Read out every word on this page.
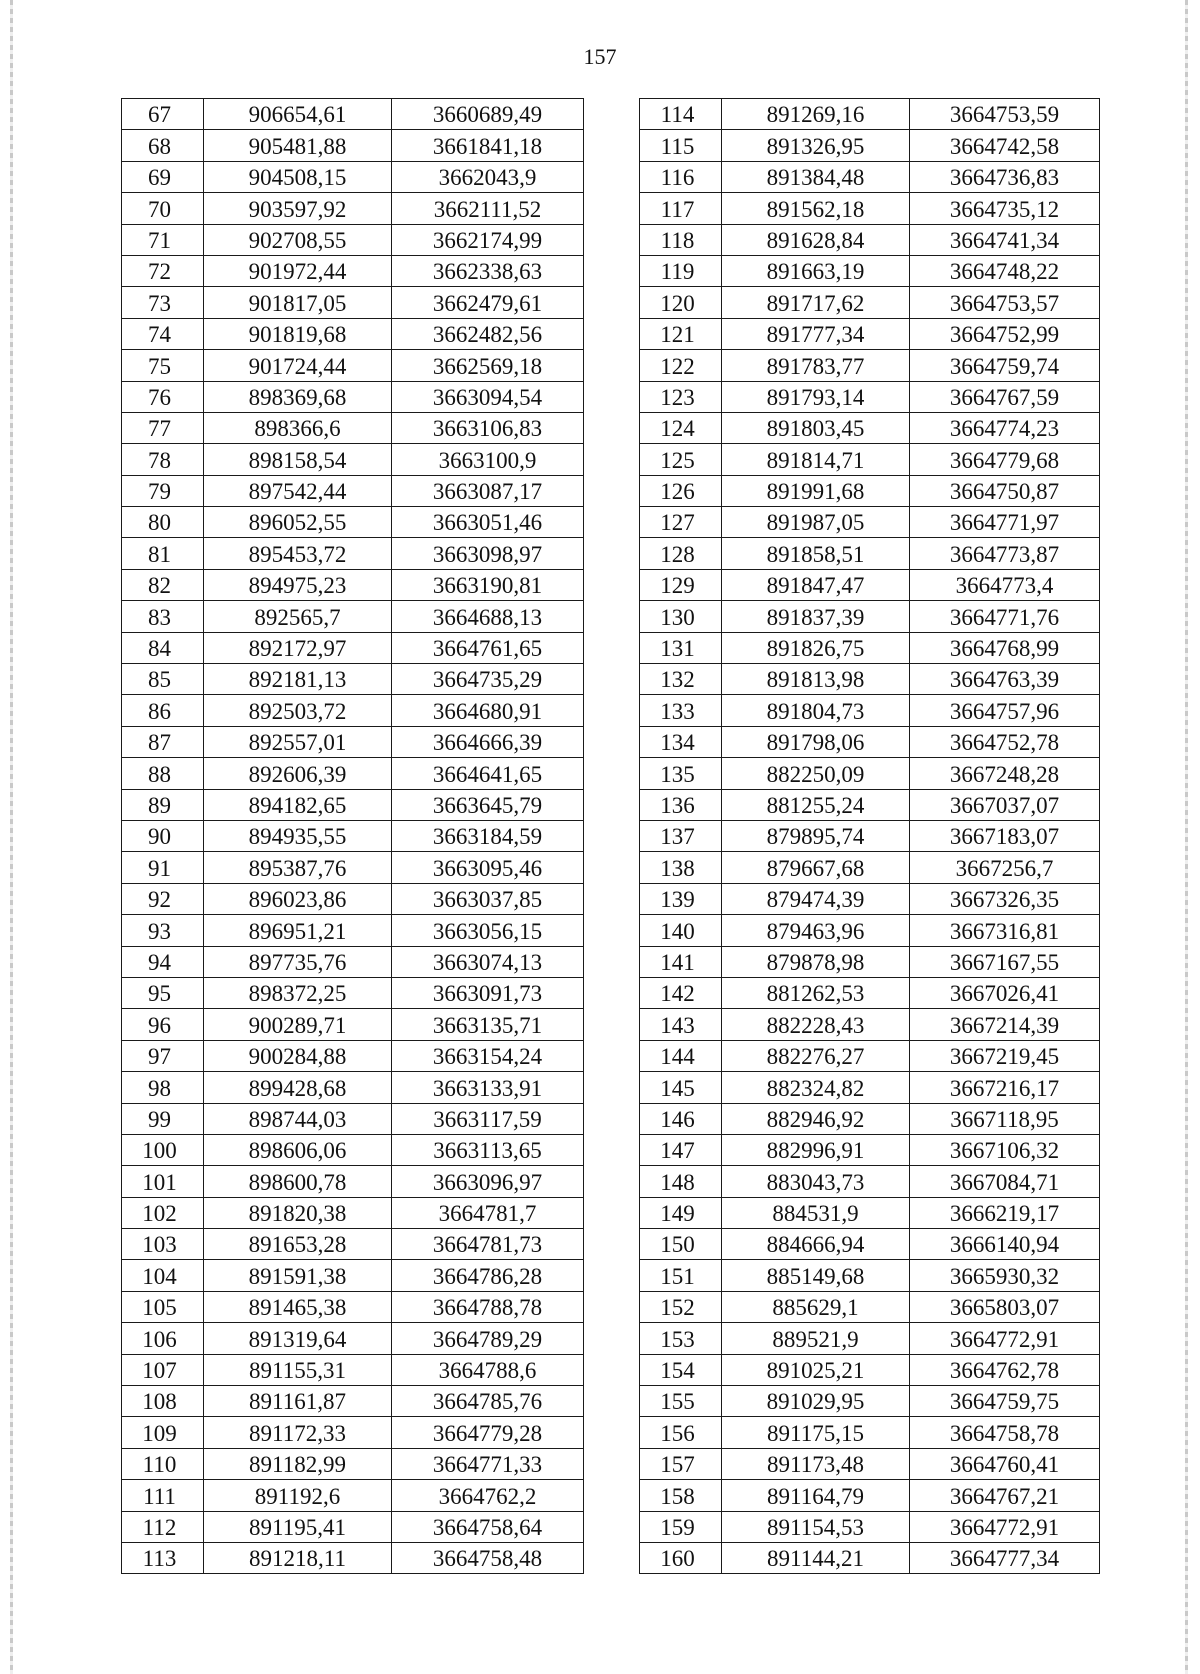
157
67	906654,61	3660689,49
68	905481,88	3661841,18
69	904508,15	3662043,9
70	903597,92	3662111,52
71	902708,55	3662174,99
72	901972,44	3662338,63
73	901817,05	3662479,61
74	901819,68	3662482,56
75	901724,44	3662569,18
76	898369,68	3663094,54
77	898366,6	3663106,83
78	898158,54	3663100,9
79	897542,44	3663087,17
80	896052,55	3663051,46
81	895453,72	3663098,97
82	894975,23	3663190,81
83	892565,7	3664688,13
84	892172,97	3664761,65
85	892181,13	3664735,29
86	892503,72	3664680,91
87	892557,01	3664666,39
88	892606,39	3664641,65
89	894182,65	3663645,79
90	894935,55	3663184,59
91	895387,76	3663095,46
92	896023,86	3663037,85
93	896951,21	3663056,15
94	897735,76	3663074,13
95	898372,25	3663091,73
96	900289,71	3663135,71
97	900284,88	3663154,24
98	899428,68	3663133,91
99	898744,03	3663117,59
100	898606,06	3663113,65
101	898600,78	3663096,97
102	891820,38	3664781,7
103	891653,28	3664781,73
104	891591,38	3664786,28
105	891465,38	3664788,78
106	891319,64	3664789,29
107	891155,31	3664788,6
108	891161,87	3664785,76
109	891172,33	3664779,28
110	891182,99	3664771,33
111	891192,6	3664762,2
112	891195,41	3664758,64
113	891218,11	3664758,48
114	891269,16	3664753,59
115	891326,95	3664742,58
116	891384,48	3664736,83
117	891562,18	3664735,12
118	891628,84	3664741,34
119	891663,19	3664748,22
120	891717,62	3664753,57
121	891777,34	3664752,99
122	891783,77	3664759,74
123	891793,14	3664767,59
124	891803,45	3664774,23
125	891814,71	3664779,68
126	891991,68	3664750,87
127	891987,05	3664771,97
128	891858,51	3664773,87
129	891847,47	3664773,4
130	891837,39	3664771,76
131	891826,75	3664768,99
132	891813,98	3664763,39
133	891804,73	3664757,96
134	891798,06	3664752,78
135	882250,09	3667248,28
136	881255,24	3667037,07
137	879895,74	3667183,07
138	879667,68	3667256,7
139	879474,39	3667326,35
140	879463,96	3667316,81
141	879878,98	3667167,55
142	881262,53	3667026,41
143	882228,43	3667214,39
144	882276,27	3667219,45
145	882324,82	3667216,17
146	882946,92	3667118,95
147	882996,91	3667106,32
148	883043,73	3667084,71
149	884531,9	3666219,17
150	884666,94	3666140,94
151	885149,68	3665930,32
152	885629,1	3665803,07
153	889521,9	3664772,91
154	891025,21	3664762,78
155	891029,95	3664759,75
156	891175,15	3664758,78
157	891173,48	3664760,41
158	891164,79	3664767,21
159	891154,53	3664772,91
160	891144,21	3664777,34
